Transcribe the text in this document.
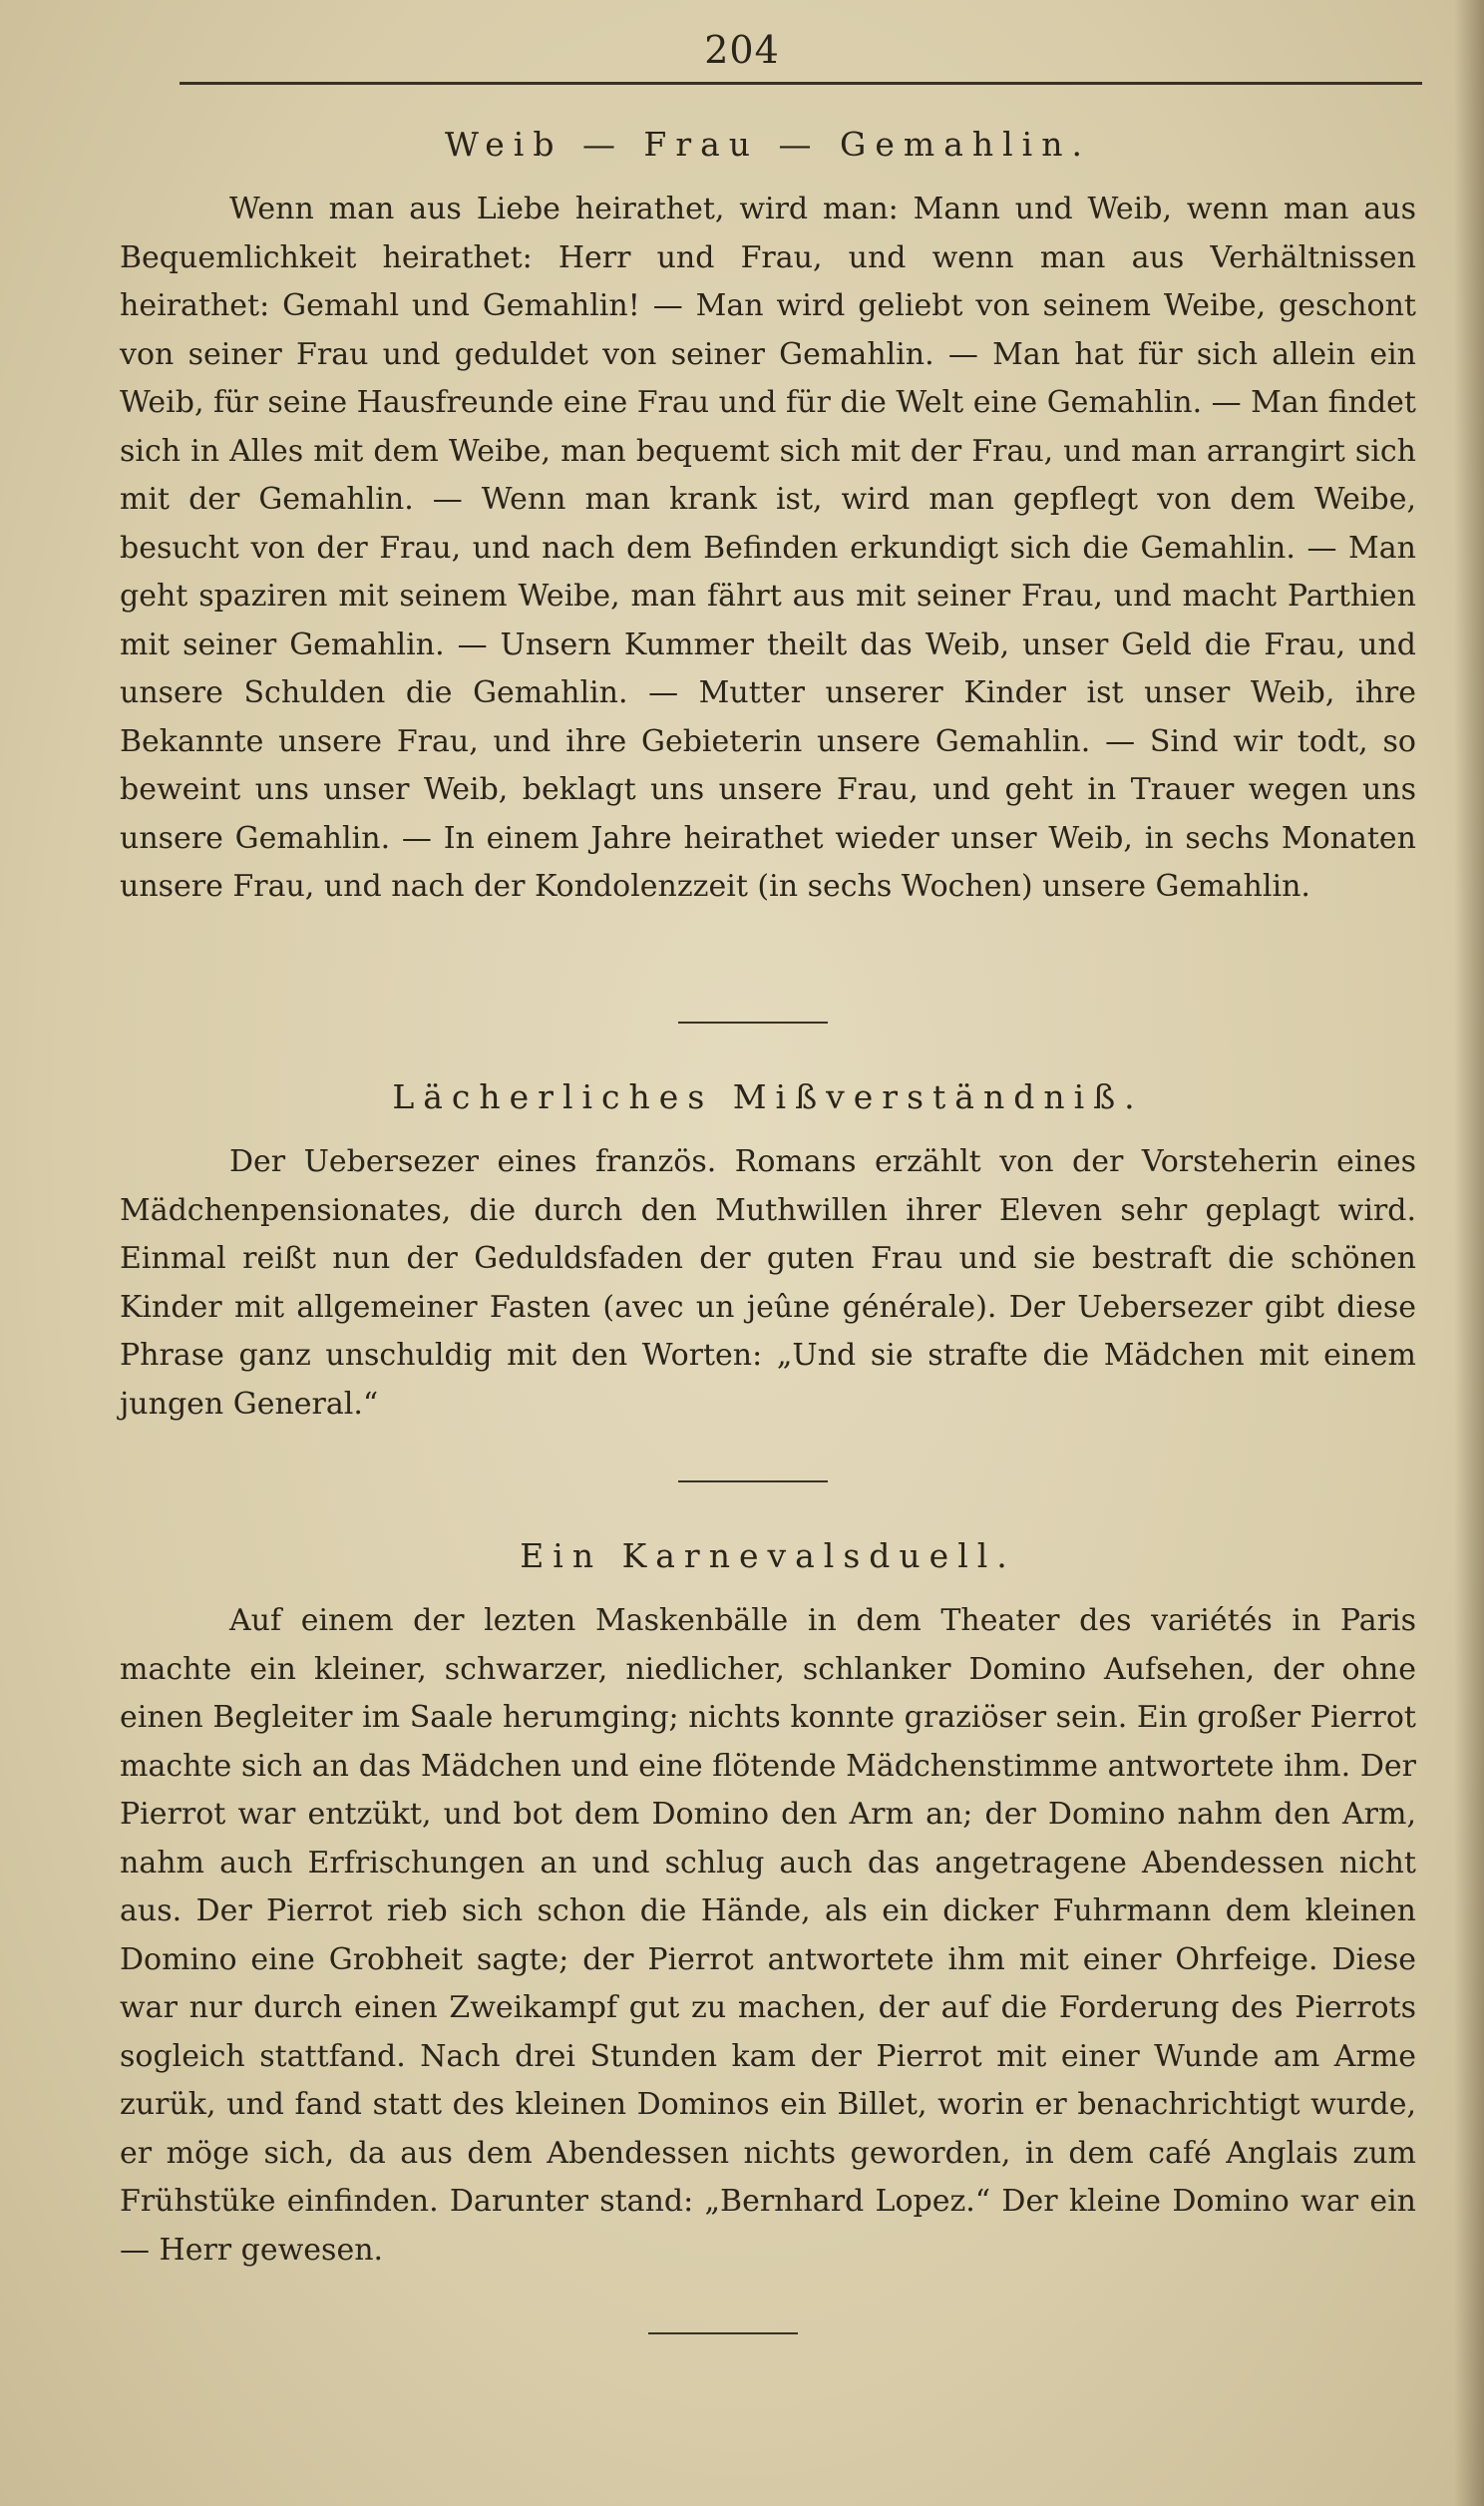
204
Weib — Frau — Gemahlin.

Wenn man aus Liebe heirathet, wird man: Mann und Weib, wenn man aus Bequemlichkeit heirathet: Herr und Frau, und wenn man aus Verhältnissen heirathet: Gemahl und Gemahlin! — Man wird geliebt von seinem Weibe, geschont von seiner Frau und geduldet von seiner Gemahlin. — Man hat für sich allein ein Weib, für seine Hausfreunde eine Frau und für die Welt eine Gemahlin. — Man findet sich in Alles mit dem Weibe, man bequemt sich mit der Frau, und man arrangirt sich mit der Gemahlin. — Wenn man krank ist, wird man gepflegt von dem Weibe, besucht von der Frau, und nach dem Befinden erkundigt sich die Gemahlin. — Man geht spaziren mit seinem Weibe, man fährt aus mit seiner Frau, und macht Parthien mit seiner Gemahlin. — Unsern Kummer theilt das Weib, unser Geld die Frau, und unsere Schulden die Gemahlin. — Mutter unserer Kinder ist unser Weib, ihre Bekannte unsere Frau, und ihre Gebieterin unsere Gemahlin. — Sind wir todt, so beweint uns unser Weib, beklagt uns unsere Frau, und geht in Trauer wegen uns unsere Gemahlin. — In einem Jahre heirathet wieder unser Weib, in sechs Monaten unsere Frau, und nach der Kondolenzzeit (in sechs Wochen) unsere Gemahlin.

Lächerliches Mißverständniß.

Der Uebersezer eines französ. Romans erzählt von der Vorsteherin eines Mädchenpensionates, die durch den Muthwillen ihrer Eleven sehr geplagt wird. Einmal reißt nun der Geduldsfaden der guten Frau und sie bestraft die schönen Kinder mit allgemeiner Fasten (avec un jeûne générale). Der Uebersezer gibt diese Phrase ganz unschuldig mit den Worten: „Und sie strafte die Mädchen mit einem jungen General.“

Ein Karnevalsduell.

Auf einem der lezten Maskenbälle in dem Theater des variétés in Paris machte ein kleiner, schwarzer, niedlicher, schlanker Domino Aufsehen, der ohne einen Begleiter im Saale herumging; nichts konnte graziöser sein. Ein großer Pierrot machte sich an das Mädchen und eine flötende Mädchenstimme antwortete ihm. Der Pierrot war entzükt, und bot dem Domino den Arm an; der Domino nahm den Arm, nahm auch Erfrischungen an und schlug auch das angetragene Abendessen nicht aus. Der Pierrot rieb sich schon die Hände, als ein dicker Fuhrmann dem kleinen Domino eine Grobheit sagte; der Pierrot antwortete ihm mit einer Ohrfeige. Diese war nur durch einen Zweikampf gut zu machen, der auf die Forderung des Pierrots sogleich stattfand. Nach drei Stunden kam der Pierrot mit einer Wunde am Arme zurük, und fand statt des kleinen Dominos ein Billet, worin er benachrichtigt wurde, er möge sich, da aus dem Abendessen nichts geworden, in dem café Anglais zum Frühstüke einfinden. Darunter stand: „Bernhard Lopez.“ Der kleine Domino war ein — Herr gewesen.
